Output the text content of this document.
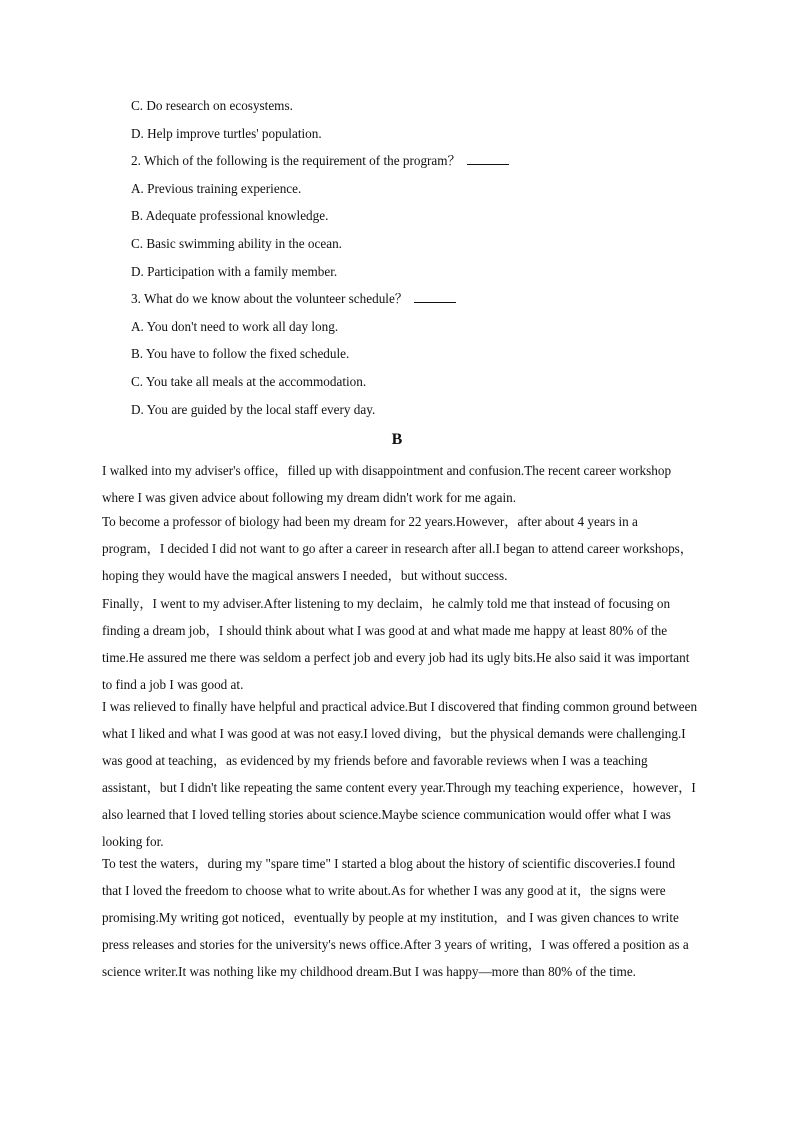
C. Do research on ecosystems.
D. Help improve turtles' population.
2. Which of the following is the requirement of the program？
A. Previous training experience.
B. Adequate professional knowledge.
C. Basic swimming ability in the ocean.
D. Participation with a family member.
3. What do we know about the volunteer schedule？
A. You don't need to work all day long.
B. You have to follow the fixed schedule.
C. You take all meals at the accommodation.
D. You are guided by the local staff every day.
B
I walked into my adviser's office，filled up with disappointment and confusion.The recent career workshop where I was given advice about following my dream didn't work for me again.
To become a professor of biology had been my dream for 22 years.However，after about 4 years in a program，I decided I did not want to go after a career in research after all.I began to attend career workshops，hoping they would have the magical answers I needed，but without success.
Finally，I went to my adviser.After listening to my declaim，he calmly told me that instead of focusing on finding a dream job，I should think about what I was good at and what made me happy at least 80% of the time.He assured me there was seldom a perfect job and every job had its ugly bits.He also said it was important to find a job I was good at.
I was relieved to finally have helpful and practical advice.But I discovered that finding common ground between what I liked and what I was good at was not easy.I loved diving，but the physical demands were challenging.I was good at teaching，as evidenced by my friends before and favorable reviews when I was a teaching assistant，but I didn't like repeating the same content every year.Through my teaching experience，however，I also learned that I loved telling stories about science.Maybe science communication would offer what I was looking for.
To test the waters，during my "spare time" I started a blog about the history of scientific discoveries.I found that I loved the freedom to choose what to write about.As for whether I was any good at it，the signs were promising.My writing got noticed，eventually by people at my institution，and I was given chances to write press releases and stories for the university's news office.After 3 years of writing，I was offered a position as a science writer.It was nothing like my childhood dream.But I was happy—more than 80% of the time.
